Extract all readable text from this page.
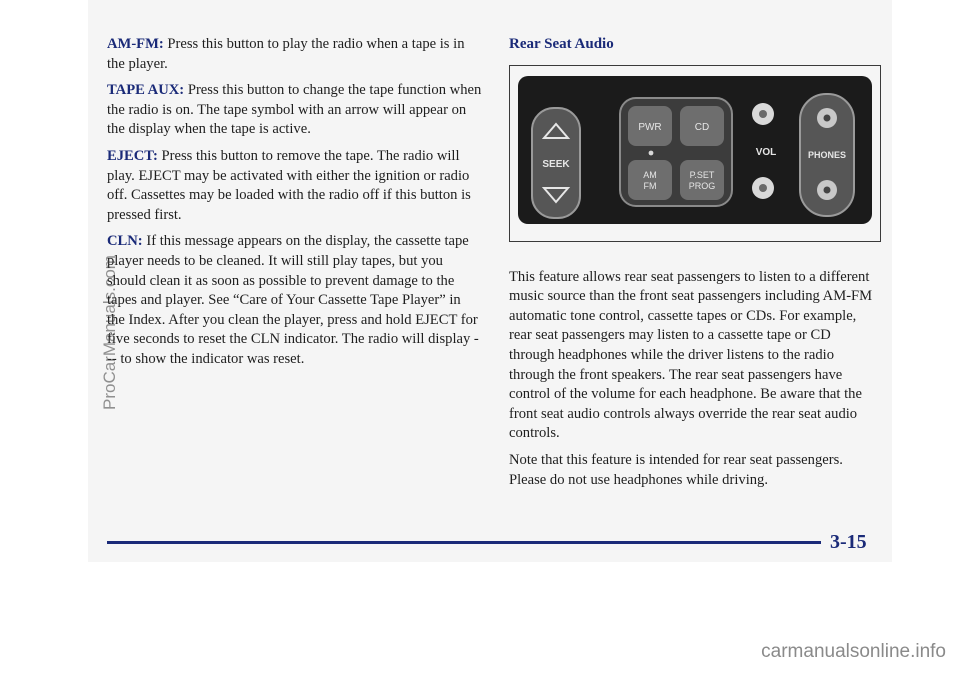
AM-FM: Press this button to play the radio when a tape is in the player.

TAPE AUX: Press this button to change the tape function when the radio is on. The tape symbol with an arrow will appear on the display when the tape is active.

EJECT: Press this button to remove the tape. The radio will play. EJECT may be activated with either the ignition or radio off. Cassettes may be loaded with the radio off if this button is pressed first.

CLN: If this message appears on the display, the cassette tape player needs to be cleaned. It will still play tapes, but you should clean it as soon as possible to prevent damage to the tapes and player. See “Care of Your Cassette Tape Player” in the Index. After you clean the player, press and hold EJECT for five seconds to reset the CLN indicator. The radio will display --- to show the indicator was reset.

Rear Seat Audio
SEEK
PWR	CD
AM
FM
P.SET
PROG
VOL	PHONES

This feature allows rear seat passengers to listen to a different music source than the front seat passengers including AM-FM automatic tone control, cassette tapes or CDs. For example, rear seat passengers may listen to a cassette tape or CD through headphones while the driver listens to the radio through the front speakers. The rear seat passengers have control of the volume for each headphone. Be aware that the front seat audio controls always override the rear seat audio controls.

Note that this feature is intended for rear seat passengers. Please do not use headphones while driving.

3-15
ProCarManuals.com
carmanualsonline.info
